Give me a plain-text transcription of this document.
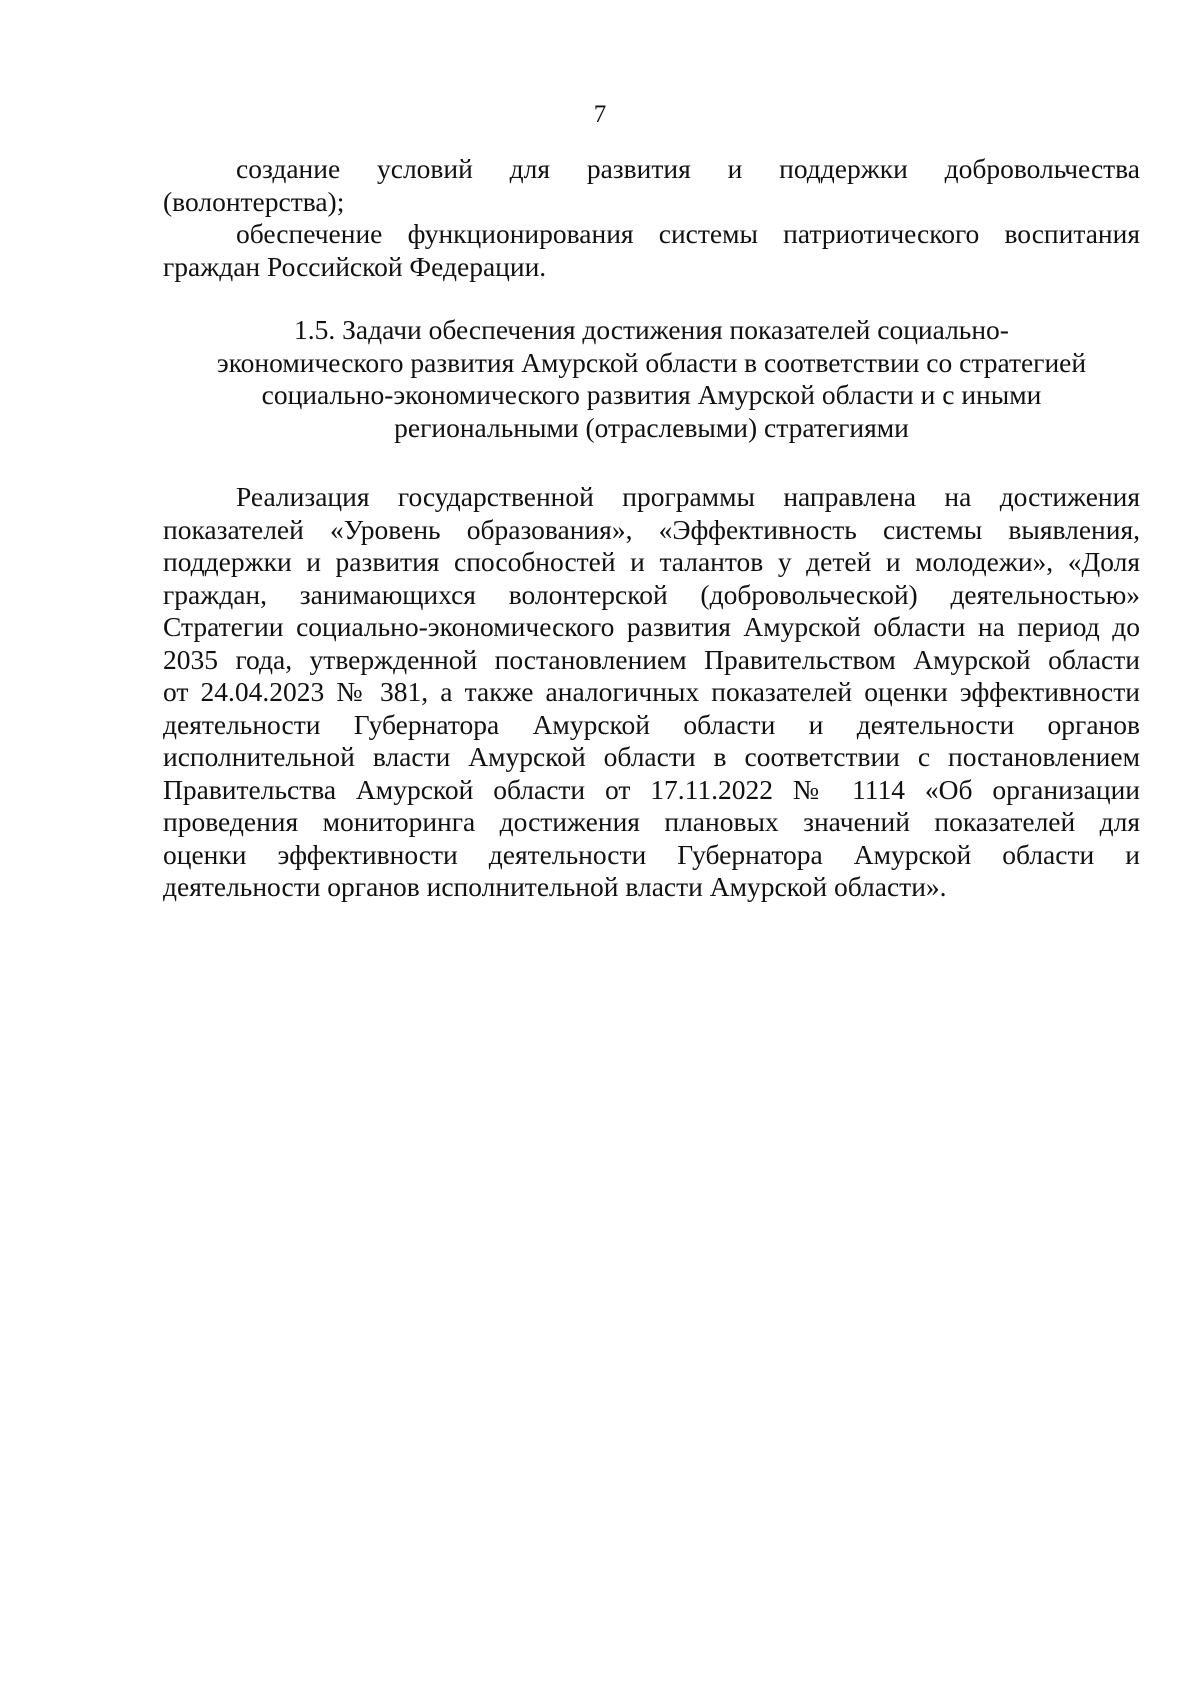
7
создание условий для развития и поддержки добровольчества
(волонтерства);
обеспечение функционирования системы патриотического воспитания
граждан Российской Федерации.
1.5. Задачи обеспечения достижения показателей социально-
экономического развития Амурской области в соответствии со стратегией
социально-экономического развития Амурской области и с иными
региональными (отраслевыми) стратегиями
Реализация государственной программы направлена на достижения
показателей «Уровень образования», «Эффективность системы выявления,
поддержки и развития способностей и талантов у детей и молодежи», «Доля
граждан, занимающихся волонтерской (добровольческой) деятельностью»
Стратегии социально-экономического развития Амурской области на период до
2035 года, утвержденной постановлением Правительством Амурской области
от 24.04.2023 № 381, а также аналогичных показателей оценки эффективности
деятельности Губернатора Амурской области и деятельности органов
исполнительной власти Амурской области в соответствии с постановлением
Правительства Амурской области от 17.11.2022 № 1114 «Об организации
проведения мониторинга достижения плановых значений показателей для
оценки эффективности деятельности Губернатора Амурской области и
деятельности органов исполнительной власти Амурской области».
